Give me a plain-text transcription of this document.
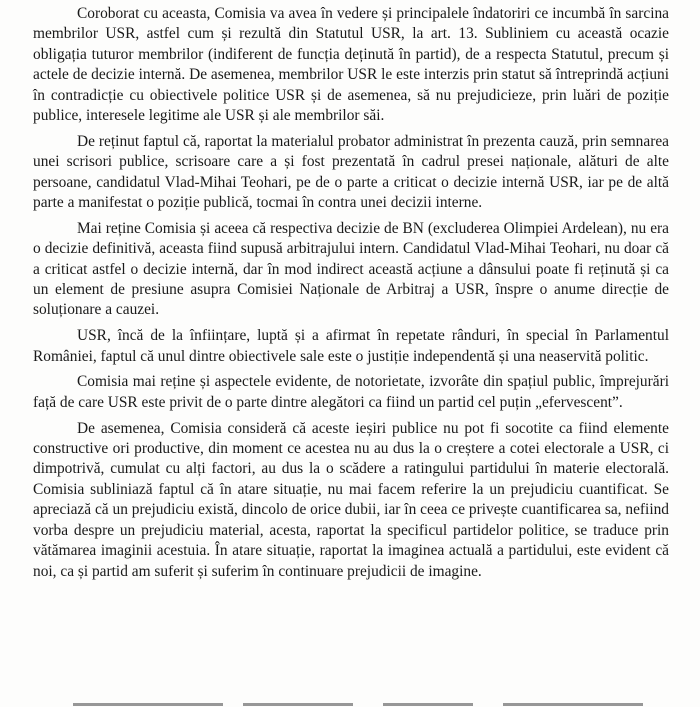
Coroborat cu aceasta, Comisia va avea în vedere și principalele îndatoriri ce incumbă în sarcina membrilor USR, astfel cum și rezultă din Statutul USR, la art. 13. Subliniem cu această ocazie obligația tuturor membrilor (indiferent de funcția deținută în partid), de a respecta Statutul, precum și actele de decizie internă. De asemenea, membrilor USR le este interzis prin statut să întreprindă acțiuni în contradicție cu obiectivele politice USR și de asemenea, să nu prejudicieze, prin luări de poziție publice, interesele legitime ale USR și ale membrilor săi.

De reținut faptul că, raportat la materialul probator administrat în prezenta cauză, prin semnarea unei scrisori publice, scrisoare care a și fost prezentată în cadrul presei naționale, alături de alte persoane, candidatul Vlad-Mihai Teohari, pe de o parte a criticat o decizie internă USR, iar pe de altă parte a manifestat o poziție publică, tocmai în contra unei decizii interne.

Mai reține Comisia și aceea că respectiva decizie de BN (excluderea Olimpiei Ardelean), nu era o decizie definitivă, aceasta fiind supusă arbitrajului intern. Candidatul Vlad-Mihai Teohari, nu doar că a criticat astfel o decizie internă, dar în mod indirect această acțiune a dânsului poate fi reținută și ca un element de presiune asupra Comisiei Naționale de Arbitraj a USR, înspre o anume direcție de soluționare a cauzei.

USR, încă de la înființare, luptă și a afirmat în repetate rânduri, în special în Parlamentul României, faptul că unul dintre obiectivele sale este o justiție independentă și una neaservită politic.

Comisia mai reține și aspectele evidente, de notorietate, izvorâte din spațiul public, împrejurări față de care USR este privit de o parte dintre alegători ca fiind un partid cel puțin „efervescent”.

De asemenea, Comisia consideră că aceste ieșiri publice nu pot fi socotite ca fiind elemente constructive ori productive, din moment ce acestea nu au dus la o creștere a cotei electorale a USR, ci dimpotrivă, cumulat cu alți factori, au dus la o scădere a ratingului partidului în materie electorală. Comisia subliniază faptul că în atare situație, nu mai facem referire la un prejudiciu cuantificat. Se apreciază că un prejudiciu există, dincolo de orice dubii, iar în ceea ce privește cuantificarea sa, nefiind vorba despre un prejudiciu material, acesta, raportat la specificul partidelor politice, se traduce prin vătămarea imaginii acestuia. În atare situație, raportat la imaginea actuală a partidului, este evident că noi, ca și partid am suferit și suferim în continuare prejudicii de imagine.
